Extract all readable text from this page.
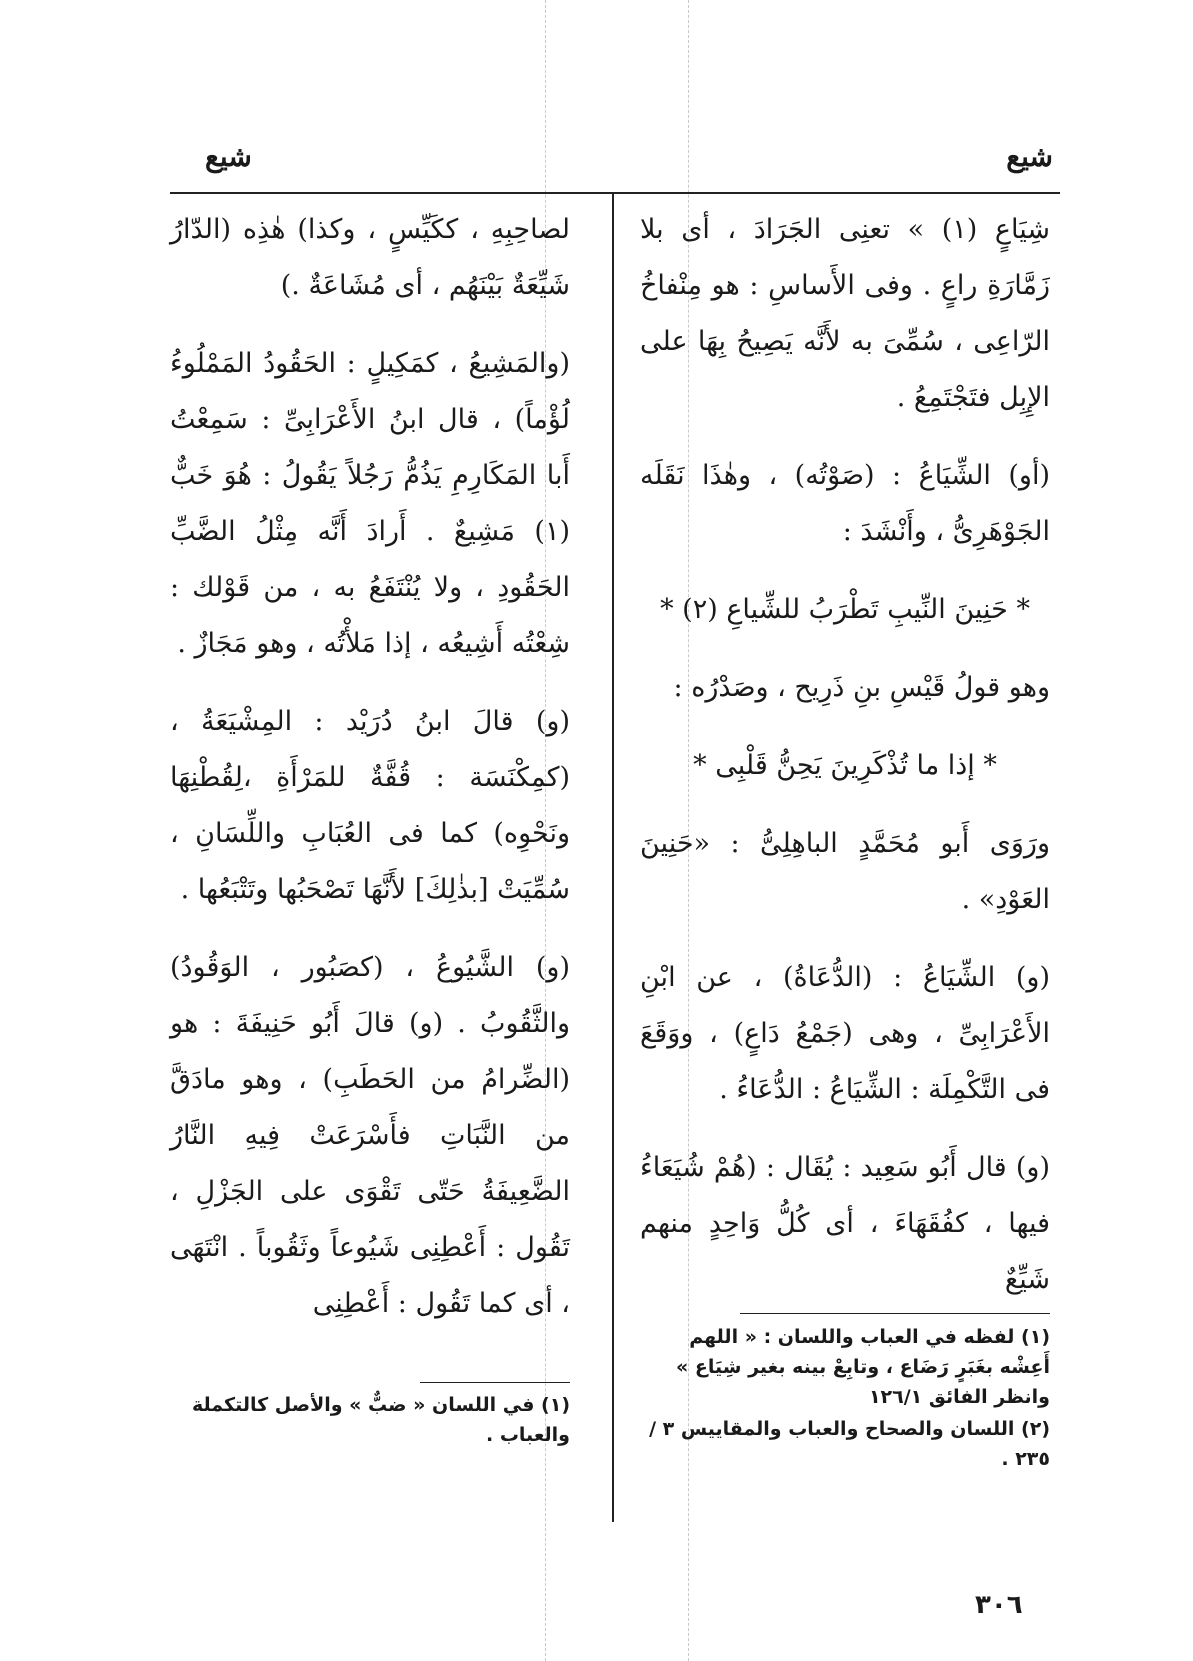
شيع
شيع

شِيَاعٍ (١) » تعنِى الجَرَادَ ، أى بلا زَمَّارَةِ راعٍ . وفى الأَساسِ : هو مِنْفاخُ الرّاعِى ، سُمِّىَ به لأَنَّه يَصِيحُ بِهَا على الإِبِل فتَجْتَمِعُ .

(أو) الشِّيَاعُ : (صَوْتُه) ، وهٰذَا نَقَلَه الجَوْهَرِىُّ ، وأَنْشَدَ :

* حَنِينَ النِّيبِ تَطْرَبُ للشِّياعِ (٢) *

وهو قولُ قَيْسِ بنِ ذَرِيح ، وصَدْرُه :

* إذا ما تُذْكَرِينَ يَحِنُّ قَلْبِى *

ورَوَى أَبو مُحَمَّدٍ الباهِلِىُّ : «حَنِينَ العَوْدِ» .

(و) الشِّيَاعُ : (الدُّعَاةُ) ، عن ابْنِ الأَعْرَابِىِّ ، وهى (جَمْعُ دَاعٍ) ، ووَقَعَ فى التَّكْمِلَة : الشِّيَاعُ : الدُّعَاءُ .

(و) قال أَبُو سَعِيد : يُقَال : (هُمْ شُيَعَاءُ فيها ، كفُقَهَاءَ ، أى كُلُّ وَاحِدٍ منهم شَيِّعٌ

لصاحِبِهِ ، ككَيِّسٍ ، وكذا) هٰذِه (الدّارُ شَيِّعَةٌ بَيْنَهُم ، أى مُشَاعَةٌ .)

(والمَشِيعُ ، كمَكِيلٍ : الحَقُودُ المَمْلُوءُ لُؤْماً) ، قال ابنُ الأَعْرَابِىِّ : سَمِعْتُ أَبا المَكَارِمِ يَذُمُّ رَجُلاً يَقُولُ : هُوَ خَبٌّ (١) مَشِيعٌ . أَرادَ أَنَّه مِثْلُ الضَّبِّ الحَقُودِ ، ولا يُنْتَفَعُ به ، من قَوْلك : شِعْتُه أَشِيعُه ، إذا مَلأْتُه ، وهو مَجَازٌ .

(و) قالَ ابنُ دُرَيْد : المِشْيَعَةُ ، (كمِكْنَسَة : قُفَّةٌ للمَرْأَةِ ،لِقُطْنِهَا ونَحْوِه) كما فى العُبَابِ واللِّسَانِ ، سُمِّيَتْ [بذٰلِكَ] لأَنَّهَا تَصْحَبُها وتَتْبَعُها .

(و) الشَّيُوعُ ، (كصَبُور ، الوَقُودُ) والثَّقُوبُ . (و) قالَ أَبُو حَنِيفَةَ : هو (الضِّرامُ من الحَطَبِ) ، وهو مادَقَّ من النَّبَاتِ فأَسْرَعَتْ فِيهِ النَّارُ الضَّعِيفَةُ حَتّى تَقْوَى على الجَزْلِ ، تَقُول : أَعْطِنِى شَيُوعاً وثَقُوباً . انْتَهَى ، أى كما تَقُول : أَعْطِنِى

(١) لفظه في العباب واللسان : « اللهم أَعِشْه بغَبَرٍ رَضَاع ، وتابِعْ بينه بغير شِيَاع » وانظر الفائق ١٢٦/١

(٢) اللسان والصحاح والعباب والمقاييس ٣ /٢٣٥ .

(١) في اللسان « ضبٌّ » والأصل كالتكملة والعباب .

٣٠٦
